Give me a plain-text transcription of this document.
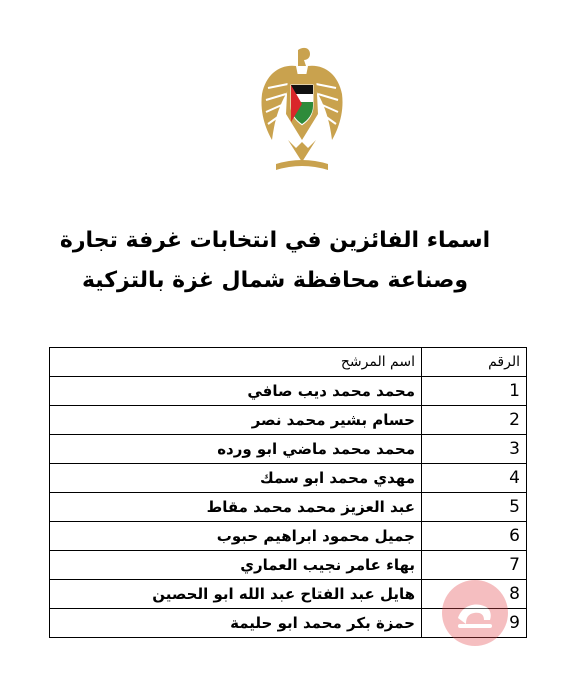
اسماء الفائزين في انتخابات غرفة تجارة
وصناعة محافظة شمال غزة بالتزكية
الرقم	اسم المرشح
1	محمد محمد ديب صافي
2	حسام بشير محمد نصر
3	محمد محمد ماضي ابو ورده
4	مهدي محمد ابو سمك
5	عبد العزيز محمد محمد مقاط
6	جميل محمود ابراهيم حبوب
7	بهاء عامر نجيب العماري
8	هايل عبد الفتاح عبد الله ابو الحصين
9	حمزة بكر محمد ابو حليمة
